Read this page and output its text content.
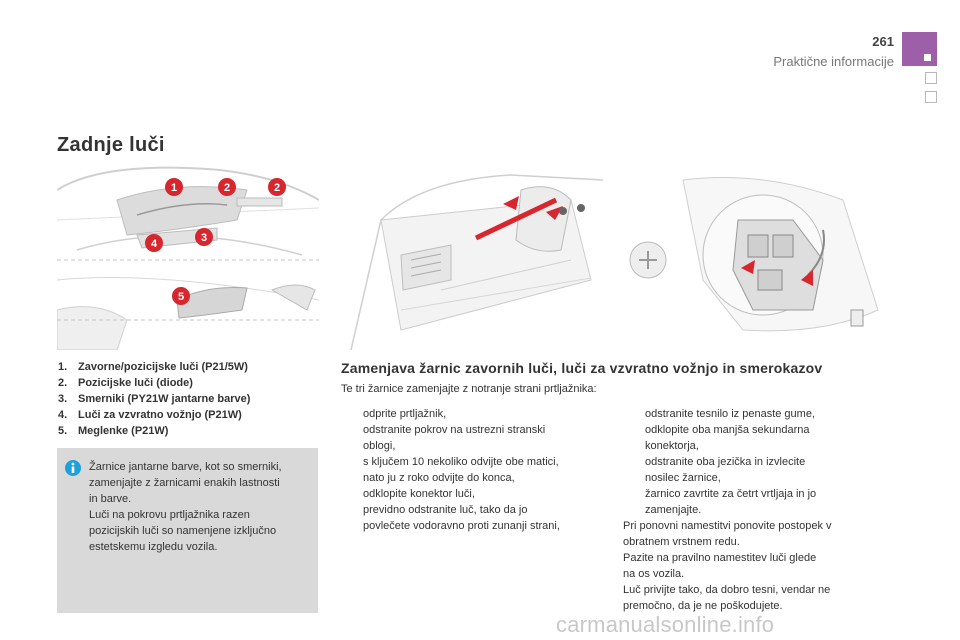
261
Praktične informacije
Zadnje luči
1	2	2
3
4
5
1. Zavorne/pozicijske luči (P21/5W)
2. Pozicijske luči (diode)
3. Smerniki (PY21W jantarne barve)
4. Luči za vzvratno vožnjo (P21W)
5. Meglenke (P21W)
Žarnice jantarne barve, kot so smerniki,
zamenjajte z žarnicami enakih lastnosti
in barve.
Luči na pokrovu prtljažnika razen
pozicijskih luči so namenjene izključno
estetskemu izgledu vozila.
Zamenjava žarnic zavornih luči, luči za vzvratno vožnjo in smerokazov
Te tri žarnice zamenjajte z notranje strani prtljažnika:
odprite prtljažnik,
odstranite pokrov na ustrezni stranski
oblogi,
s ključem 10 nekoliko odvijte obe matici,
nato ju z roko odvijte do konca,
odklopite konektor luči,
previdno odstranite luč, tako da jo
povlečete vodoravno proti zunanji strani,
odstranite tesnilo iz penaste gume,
odklopite oba manjša sekundarna
konektorja,
odstranite oba jezička in izvlecite
nosilec žarnice,
žarnico zavrtite za četrt vrtljaja in jo
zamenjajte.
Pri ponovni namestitvi ponovite postopek v
obratnem vrstnem redu.
Pazite na pravilno namestitev luči glede
na os vozila.
Luč privijte tako, da dobro tesni, vendar ne
premočno, da je ne poškodujete.
carmanualsonline.info
